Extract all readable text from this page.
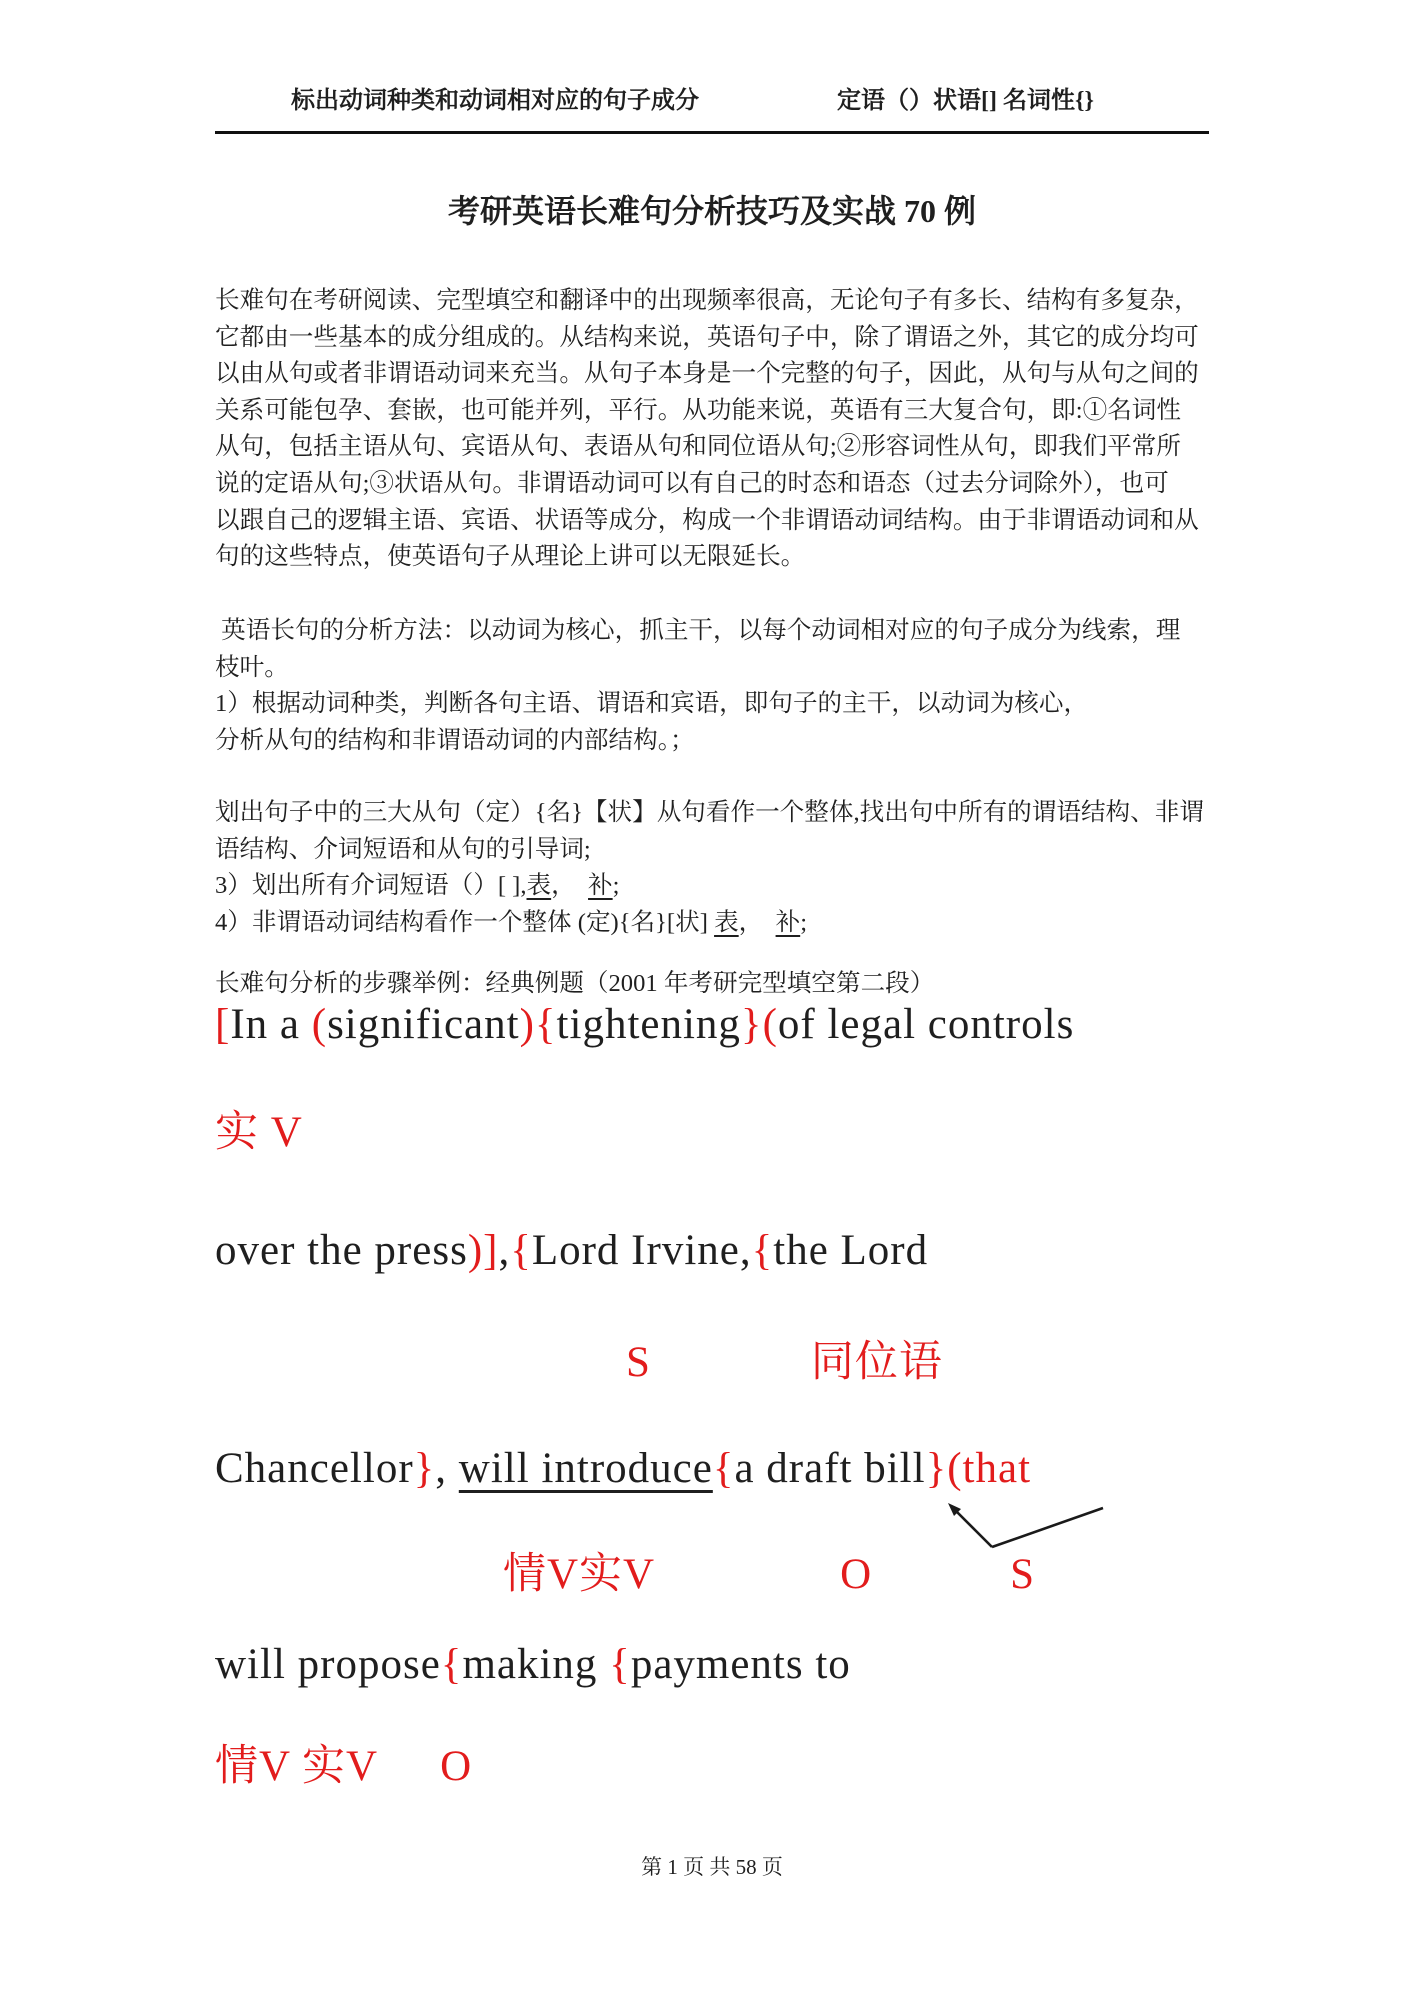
标出动词种类和动词相对应的句子成分	定语（）状语[] 名词性{}
考研英语长难句分析技巧及实战 70 例
长难句在考研阅读、完型填空和翻译中的出现频率很高，无论句子有多长、结构有多复杂，
它都由一些基本的成分组成的。从结构来说，英语句子中，除了谓语之外，其它的成分均可
以由从句或者非谓语动词来充当。从句子本身是一个完整的句子，因此，从句与从句之间的
关系可能包孕、套嵌，也可能并列，平行。从功能来说，英语有三大复合句，即:①名词性
从句，包括主语从句、宾语从句、表语从句和同位语从句;②形容词性从句，即我们平常所
说的定语从句;③状语从句。非谓语动词可以有自己的时态和语态（过去分词除外），也可
以跟自己的逻辑主语、宾语、状语等成分，构成一个非谓语动词结构。由于非谓语动词和从
句的这些特点，使英语句子从理论上讲可以无限延长。
英语长句的分析方法：以动词为核心，抓主干，以每个动词相对应的句子成分为线索，理
枝叶。
1）根据动词种类，判断各句主语、谓语和宾语，即句子的主干，以动词为核心，
分析从句的结构和非谓语动词的内部结构。；
划出句子中的三大从句（定）{名}【状】从句看作一个整体,找出句中所有的谓语结构、非谓
语结构、介词短语和从句的引导词;
3）划出所有介词短语（）[ ],表，  补;
4）非谓语动词结构看作一个整体 (定){名}[状] 表，  补;
长难句分析的步骤举例：经典例题（2001 年考研完型填空第二段）
[In a (significant){tightening}(of legal controls
实 V
over the press)],{Lord Irvine,{the Lord
S	同位语
Chancellor}, will introduce{a draft bill}(that
情V实V	O	S
will propose{making {payments to
情V 实V O
第 1 页 共 58 页
